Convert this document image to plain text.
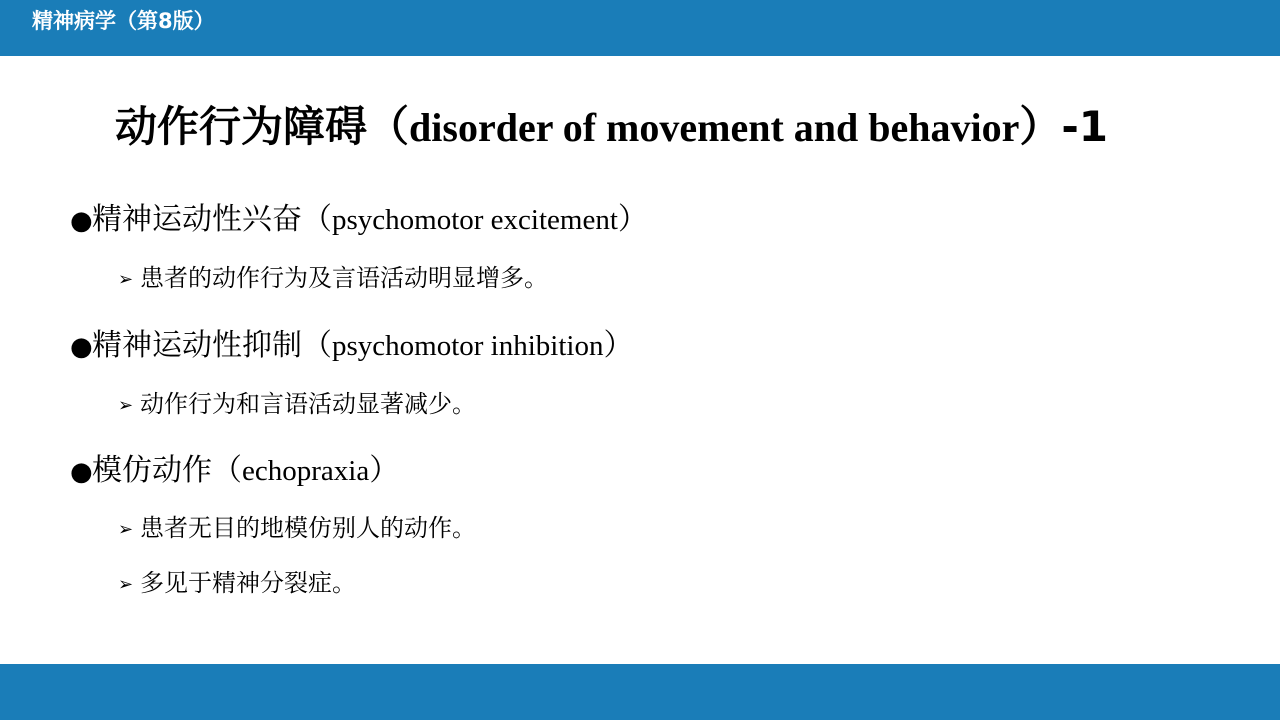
精神病学（第8版）
动作行为障碍（disorder of movement and behavior）-1
●精神运动性兴奋（psychomotor excitement）
➢ 患者的动作行为及言语活动明显增多。
●精神运动性抑制（psychomotor inhibition）
➢ 动作行为和言语活动显著减少。
●模仿动作（echopraxia）
➢ 患者无目的地模仿别人的动作。
➢ 多见于精神分裂症。
